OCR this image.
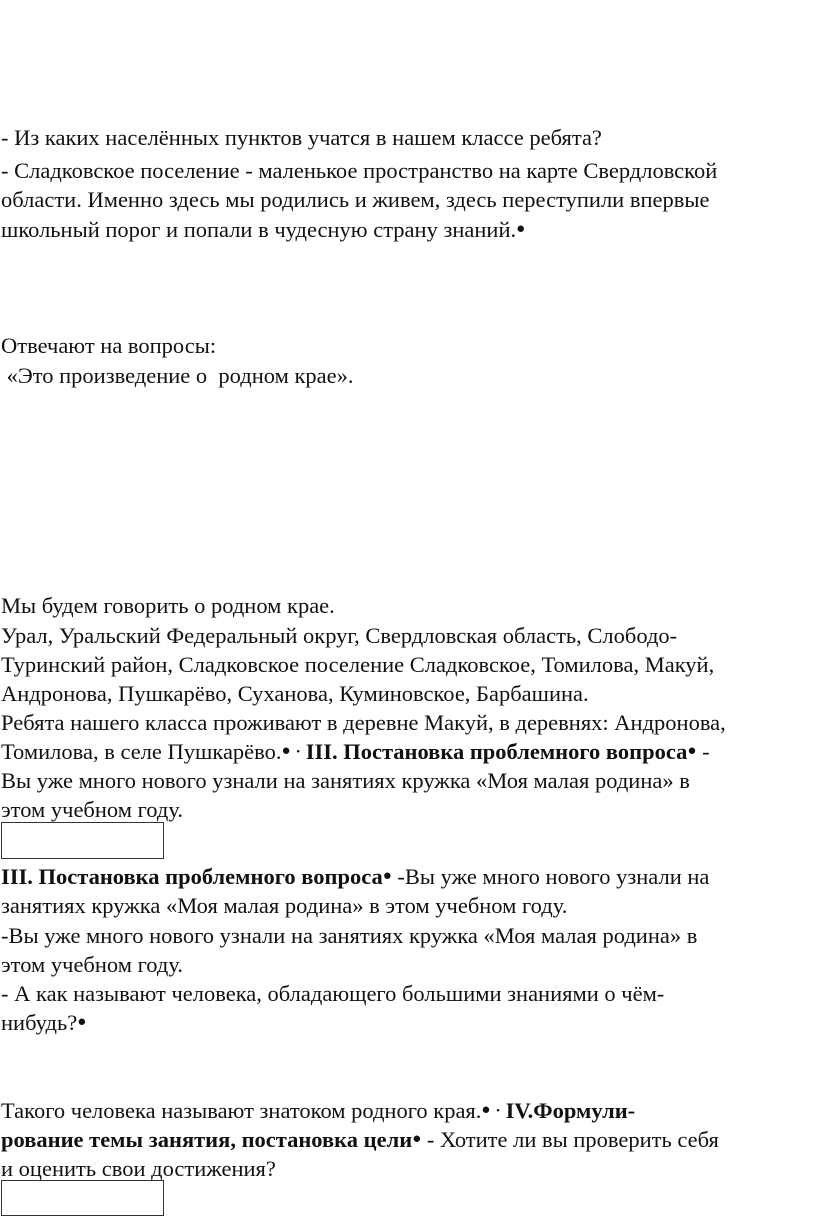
- Из каких населённых пунктов учатся в нашем классе ребята?
- Сладковское поселение - маленькое пространство на карте Свердловской
области. Именно здесь мы родились и живем, здесь переступили впервые
школьный порог и попали в чудесную страну знаний.●
Отвечают на вопросы:
«Это произведение о  родном крае».
Мы будем говорить о родном крае.
Урал, Уральский Федеральный округ, Свердловская область, Слободо-
Туринский район, Сладковское поселение Сладковское, Томилова, Макуй,
Андронова, Пушкарёво, Суханова, Куминовское, Барбашина.
Ребята нашего класса проживают в деревне Макуй, в деревнях: Андронова,
Томилова, в селе Пушкарёво.● • III. Постановка проблемного вопроса● -
Вы уже много нового узнали на занятиях кружка «Моя малая родина» в
этом учебном году.
III. Постановка проблемного вопроса● -Вы уже много нового узнали на
занятиях кружка «Моя малая родина» в этом учебном году.
-Вы уже много нового узнали на занятиях кружка «Моя малая родина» в
этом учебном году.
- А как называют человека, обладающего большими знаниями о чём-
нибудь?●
Такого человека называют знатоком родного края.● • IV.Формули-
рование темы занятия, постановка цели● - Хотите ли вы проверить себя
и оценить свои достижения?
